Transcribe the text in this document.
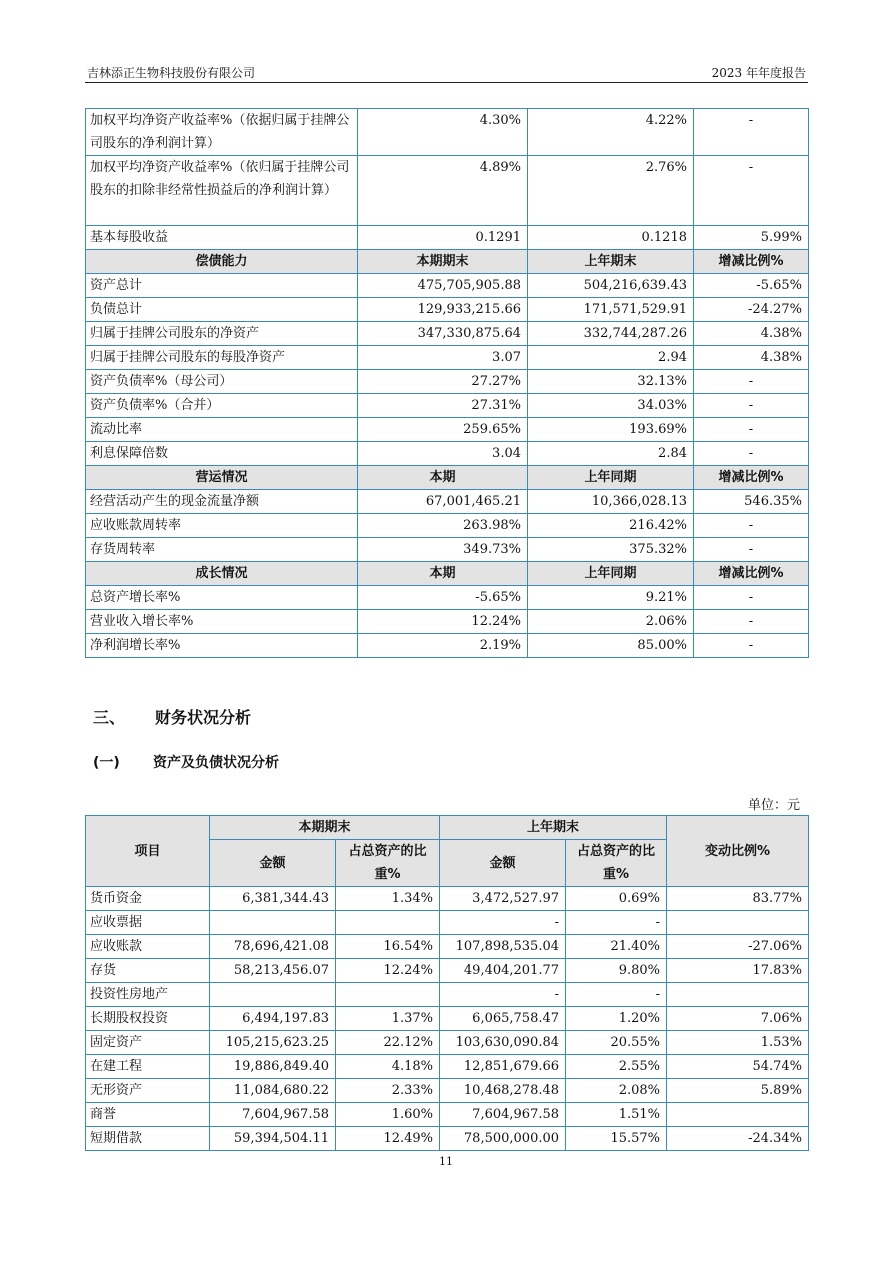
吉林添正生物科技股份有限公司	2023 年年度报告
加权平均净资产收益率%（依据归属于挂牌公司股东的净利润计算）	4.30%	4.22%	-
加权平均净资产收益率%（依归属于挂牌公司股东的扣除非经常性损益后的净利润计算）	4.89%	2.76%	-
基本每股收益	0.1291	0.1218	5.99%
偿债能力	本期期末	上年期末	增减比例%
资产总计	475,705,905.88	504,216,639.43	-5.65%
负债总计	129,933,215.66	171,571,529.91	-24.27%
归属于挂牌公司股东的净资产	347,330,875.64	332,744,287.26	4.38%
归属于挂牌公司股东的每股净资产	3.07	2.94	4.38%
资产负债率%（母公司）	27.27%	32.13%	-
资产负债率%（合并）	27.31%	34.03%	-
流动比率	259.65%	193.69%	-
利息保障倍数	3.04	2.84	-
营运情况	本期	上年同期	增减比例%
经营活动产生的现金流量净额	67,001,465.21	10,366,028.13	546.35%
应收账款周转率	263.98%	216.42%	-
存货周转率	349.73%	375.32%	-
成长情况	本期	上年同期	增减比例%
总资产增长率%	-5.65%	9.21%	-
营业收入增长率%	12.24%	2.06%	-
净利润增长率%	2.19%	85.00%	-
三、 财务状况分析
(一) 资产及负债状况分析
单位：元
项目	本期期末		上年期末		变动比例%
	金额	占总资产的比重%	金额	占总资产的比重%	
货币资金	6,381,344.43	1.34%	3,472,527.97	0.69%	83.77%
应收票据			-	-	
应收账款	78,696,421.08	16.54%	107,898,535.04	21.40%	-27.06%
存货	58,213,456.07	12.24%	49,404,201.77	9.80%	17.83%
投资性房地产			-	-	
长期股权投资	6,494,197.83	1.37%	6,065,758.47	1.20%	7.06%
固定资产	105,215,623.25	22.12%	103,630,090.84	20.55%	1.53%
在建工程	19,886,849.40	4.18%	12,851,679.66	2.55%	54.74%
无形资产	11,084,680.22	2.33%	10,468,278.48	2.08%	5.89%
商誉	7,604,967.58	1.60%	7,604,967.58	1.51%	
短期借款	59,394,504.11	12.49%	78,500,000.00	15.57%	-24.34%
11
